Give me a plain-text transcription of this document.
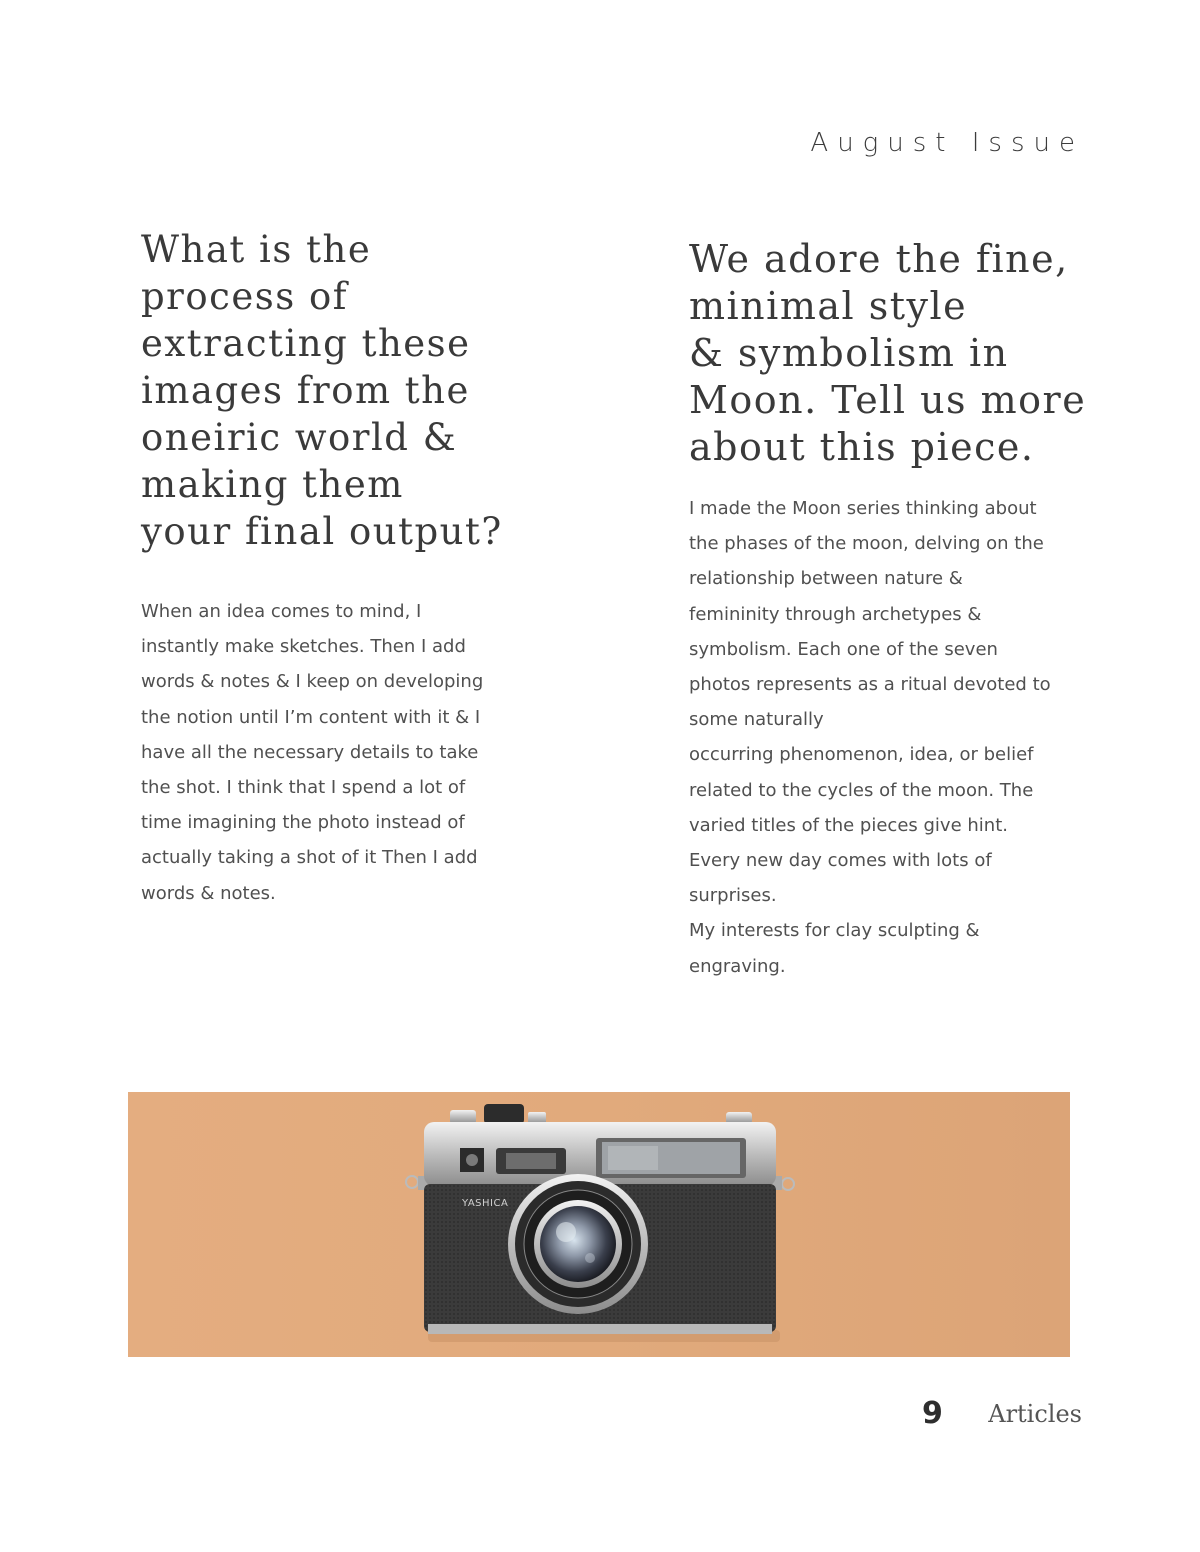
August Issue
What is the
process of
extracting these
images from the
oneiric world &
making them
your final output?

When an idea comes to mind, I
instantly make sketches. Then I add
words & notes & I keep on developing
the notion until I’m content with it & I
have all the necessary details to take
the shot. I think that I spend a lot of
time imagining the photo instead of
actually taking a shot of it Then I add
words & notes.

We adore the fine,
minimal style
& symbolism in
Moon. Tell us more
about this piece.

I made the Moon series thinking about
the phases of the moon, delving on the
relationship between nature &
femininity through archetypes &
symbolism. Each one of the seven
photos represents as a ritual devoted to
some naturally
occurring phenomenon, idea, or belief
related to the cycles of the moon. The
varied titles of the pieces give hint.
Every new day comes with lots of
surprises.
My interests for clay sculpting &
engraving.

YASHICA
9 Articles
